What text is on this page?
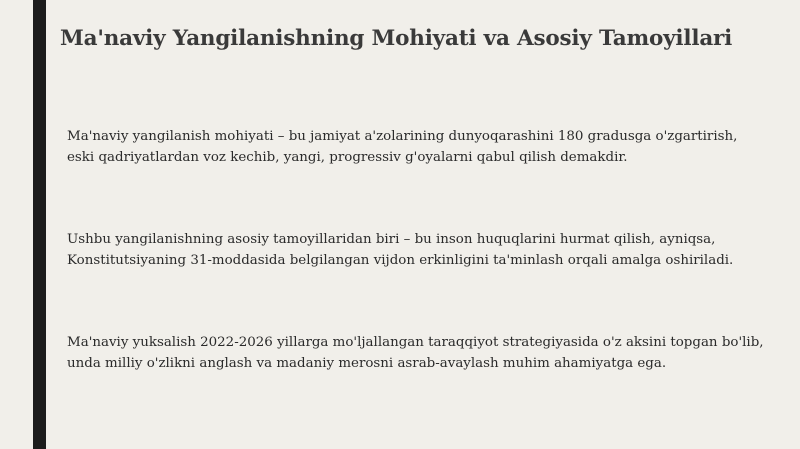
Ma'naviy Yangilanishning Mohiyati va Asosiy Tamoyillari

Ma'naviy yangilanish mohiyati – bu jamiyat a'zolarining dunyoqarashini 180 gradusga o'zgartirish, eski qadriyatlardan voz kechib, yangi, progressiv g'oyalarni qabul qilish demakdir.

Ushbu yangilanishning asosiy tamoyillaridan biri – bu inson huquqlarini hurmat qilish, ayniqsa, Konstitutsiyaning 31-moddasida belgilangan vijdon erkinligini ta'minlash orqali amalga oshiriladi.

Ma'naviy yuksalish 2022-2026 yillarga mo'ljallangan taraqqiyot strategiyasida o'z aksini topgan bo'lib, unda milliy o'zlikni anglash va madaniy merosni asrab-avaylash muhim ahamiyatga ega.
